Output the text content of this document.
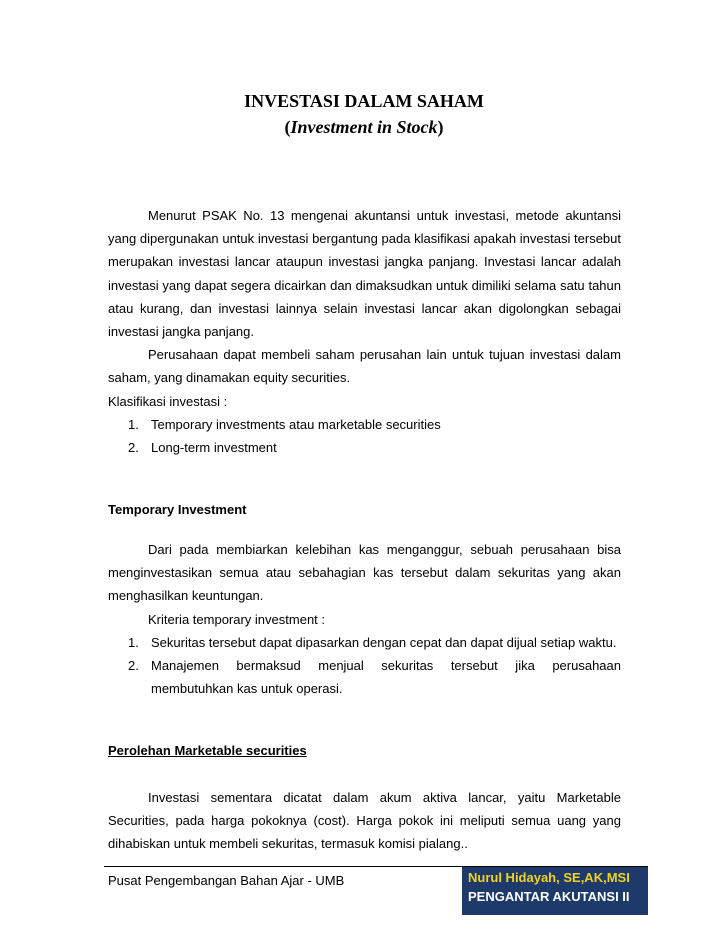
INVESTASI DALAM SAHAM
(Investment in Stock)

Menurut PSAK No. 13 mengenai akuntansi untuk investasi, metode akuntansi yang dipergunakan untuk investasi bergantung pada klasifikasi apakah investasi tersebut merupakan investasi lancar ataupun investasi jangka panjang. Investasi lancar adalah investasi yang dapat segera dicairkan dan dimaksudkan untuk dimiliki selama satu tahun atau kurang, dan investasi lainnya selain investasi lancar akan digolongkan sebagai investasi jangka panjang.

Perusahaan dapat membeli saham perusahan lain untuk tujuan investasi dalam saham, yang dinamakan equity securities.

Klasifikasi investasi :

1. Temporary investments atau marketable securities
2. Long-term investment
Temporary Investment

Dari pada membiarkan kelebihan kas menganggur, sebuah perusahaan bisa menginvestasikan semua atau sebahagian kas tersebut dalam sekuritas yang akan menghasilkan keuntungan.

Kriteria temporary investment :

1. Sekuritas tersebut dapat dipasarkan dengan cepat dan dapat dijual setiap waktu.
2. Manajemen bermaksud menjual sekuritas tersebut jika perusahaan membutuhkan kas untuk operasi.
Perolehan Marketable securities

Investasi sementara dicatat dalam akum aktiva lancar, yaitu Marketable Securities, pada harga pokoknya (cost). Harga pokok ini meliputi semua uang yang dihabiskan untuk membeli sekuritas, termasuk komisi pialang..

Pusat Pengembangan Bahan Ajar - UMB	Nurul Hidayah, SE,AK,MSI
PENGANTAR AKUTANSI II
